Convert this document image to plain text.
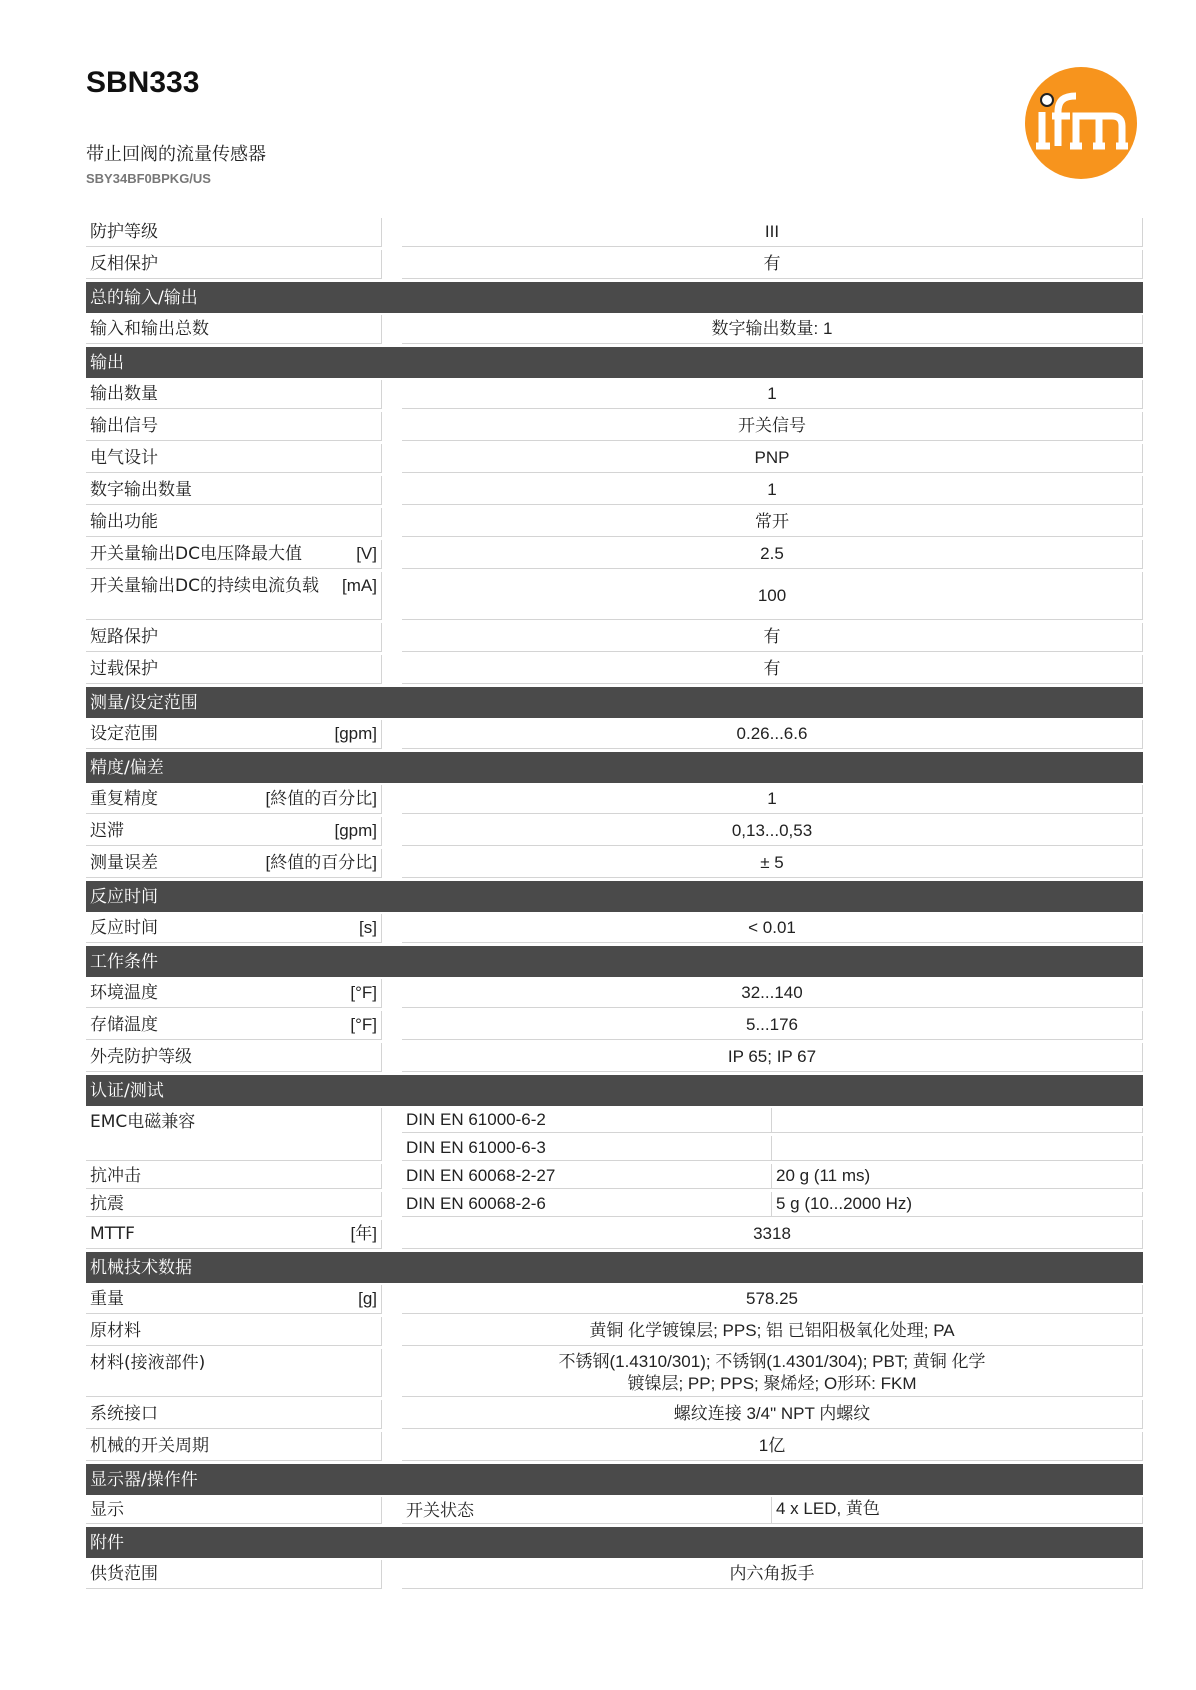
SBN333
带止回阀的流量传感器
SBY34BF0BPKG/US
防护等级	III
反相保护	有
总的输入/输出
输入和输出总数	数字输出数量: 1
输出
输出数量	1
输出信号	开关信号
电气设计	PNP
数字输出数量	1
输出功能	常开
开关量输出DC电压降最大值	[V]	2.5
开关量输出DC的持续电流负载	[mA]	100
短路保护	有
过载保护	有
测量/设定范围
设定范围	[gpm]	0.26...6.6
精度/偏差
重复精度	[終值的百分比]	1
迟滞	[gpm]	0,13...0,53
测量误差	[終值的百分比]	± 5
反应时间
反应时间	[s]	< 0.01
工作条件
环境温度	[°F]	32...140
存储温度	[°F]	5...176
外壳防护等级	IP 65; IP 67
认证/测试
EMC电磁兼容	DIN EN 61000-6-2
DIN EN 61000-6-3
抗冲击	DIN EN 60068-2-27	20 g (11 ms)
抗震	DIN EN 60068-2-6	5 g (10...2000 Hz)
MTTF	[年]	3318
机械技术数据
重量	[g]	578.25
原材料	黄铜 化学镀镍层; PPS; 铝 已铝阳极氧化处理; PA
材料(接液部件)	不锈钢(1.4310/301); 不锈钢(1.4301/304); PBT; 黄铜 化学镀镍层; PP; PPS; 聚烯烃; O形环: FKM
系统接口	螺纹连接 3/4" NPT 内螺纹
机械的开关周期	1亿
显示器/操作件
显示	开关状态	4 x LED, 黄色
附件
供货范围	内六角扳手
